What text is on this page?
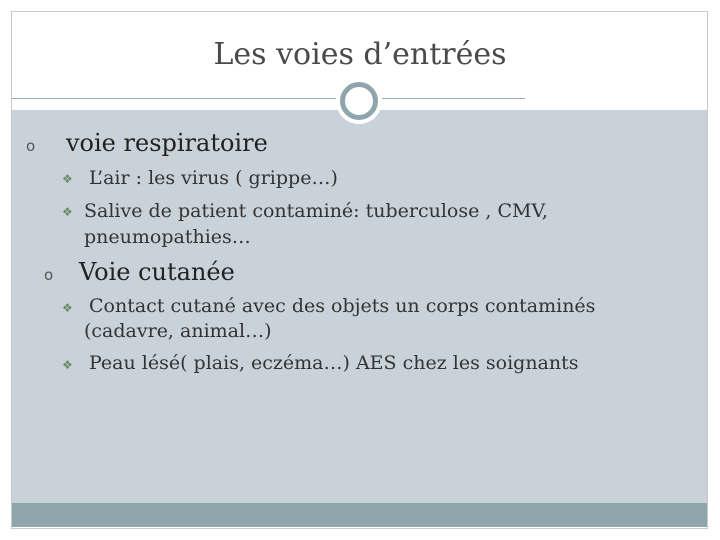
Les voies d’entrées
o voie respiratoire
❖ L’air : les virus ( grippe…)
❖ Salive de patient contaminé: tuberculose , CMV,
pneumopathies…
o Voie cutanée
❖ Contact cutané avec des objets un corps contaminés
(cadavre, animal…)
❖ Peau lésé( plais, eczéma…) AES chez les soignants
